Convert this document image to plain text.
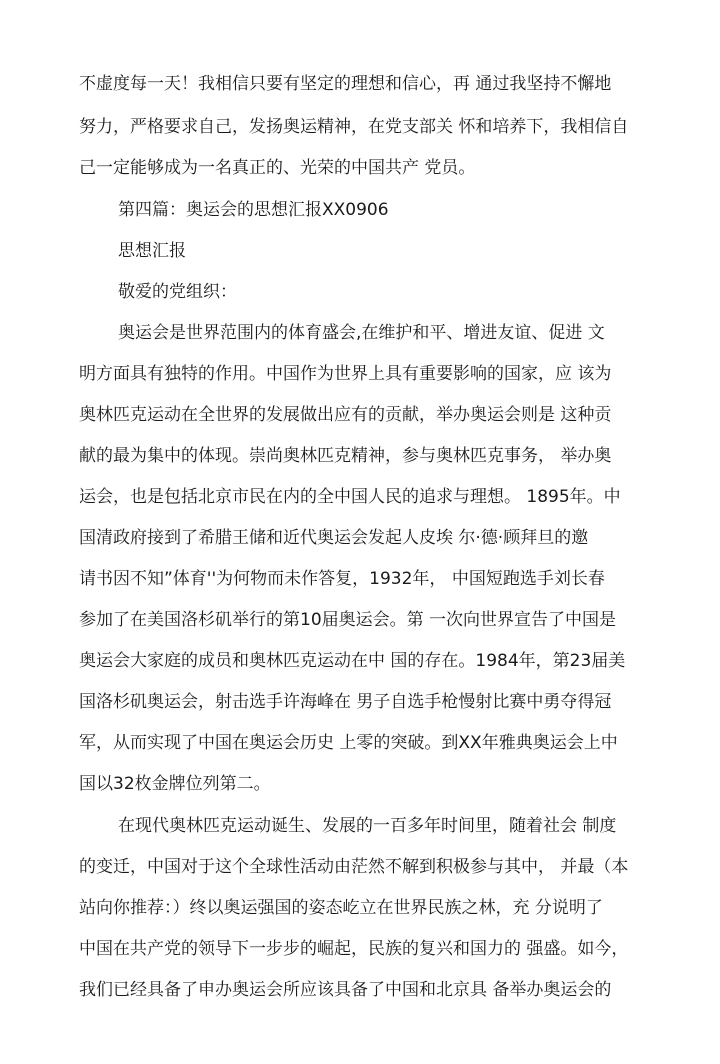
不虚度每一天！我相信只要有坚定的理想和信心，再 通过我坚持不懈地
努力，严格要求自己，发扬奥运精神，在党支部关 怀和培养下，我相信自
己一定能够成为一名真正的、光荣的中国共产 党员。
第四篇：奥运会的思想汇报XX0906
思想汇报
敬爱的党组织：
奥运会是世界范围内的体育盛会,在维护和平、增进友谊、促进 文
明方面具有独特的作用。中国作为世界上具有重要影响的国家，应 该为
奥林匹克运动在全世界的发展做出应有的贡献，举办奥运会则是 这种贡
献的最为集中的体现。崇尚奥林匹克精神，参与奥林匹克事务， 举办奥
运会，也是包括北京市民在内的全中国人民的追求与理想。 1895年。中
国清政府接到了希腊王储和近代奥运会发起人皮埃 尔·德·顾拜旦的邀
请书因不知”体育''为何物而未作答复，1932年， 中国短跑选手刘长春
参加了在美国洛杉矶举行的第10届奥运会。第 一次向世界宣告了中国是
奥运会大家庭的成员和奥林匹克运动在中 国的存在。1984年，第23届美
国洛杉矶奥运会，射击选手许海峰在 男子自选手枪慢射比赛中勇夺得冠
军，从而实现了中国在奥运会历史 上零的突破。到XX年雅典奥运会上中
国以32枚金牌位列第二。
在现代奥林匹克运动诞生、发展的一百多年时间里，随着社会 制度
的变迁，中国对于这个全球性活动由茫然不解到积极参与其中， 并最（本
站向你推荐：）终以奥运强国的姿态屹立在世界民族之林，充 分说明了
中国在共产党的领导下一步步的崛起，民族的复兴和国力的 强盛。如今，
我们已经具备了申办奥运会所应该具备了中国和北京具 备举办奥运会的
